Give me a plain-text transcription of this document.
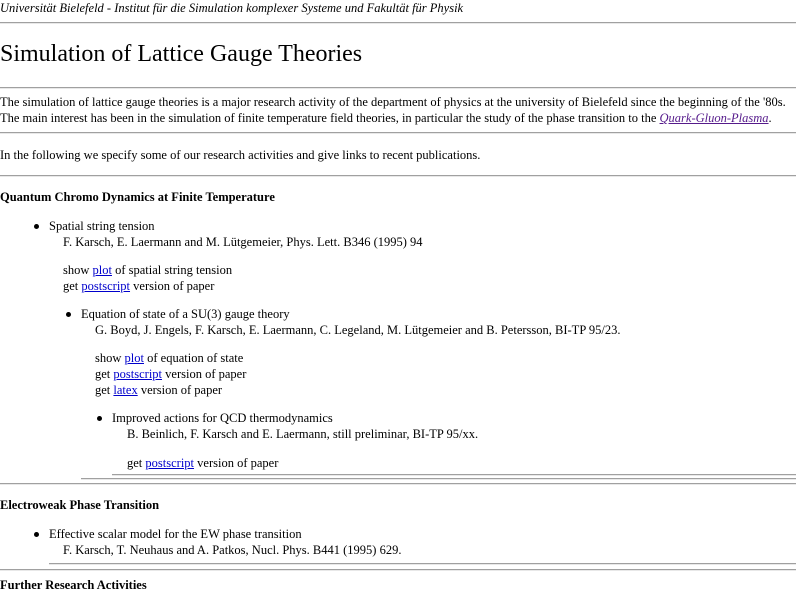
Universität Bielefeld - Institut für die Simulation komplexer Systeme und Fakultät für Physik
Simulation of Lattice Gauge Theories
The simulation of lattice gauge theories is a major research activity of the department of physics at the university of Bielefeld since the beginning of the '80s.
The main interest has been in the simulation of finite temperature field theories, in particular the study of the phase transition to the Quark-Gluon-Plasma.
In the following we specify some of our research activities and give links to recent publications.
Quantum Chromo Dynamics at Finite Temperature
Spatial string tension
F. Karsch, E. Laermann and M. Lütgemeier, Phys. Lett. B346 (1995) 94
show plot of spatial string tension
get postscript version of paper
Equation of state of a SU(3) gauge theory
G. Boyd, J. Engels, F. Karsch, E. Laermann, C. Legeland, M. Lütgemeier and B. Petersson, BI-TP 95/23.
show plot of equation of state
get postscript version of paper
get latex version of paper
Improved actions for QCD thermodynamics
B. Beinlich, F. Karsch and E. Laermann, still preliminar, BI-TP 95/xx.
get postscript version of paper
Electroweak Phase Transition
Effective scalar model for the EW phase transition
F. Karsch, T. Neuhaus and A. Patkos, Nucl. Phys. B441 (1995) 629.
Further Research Activities
